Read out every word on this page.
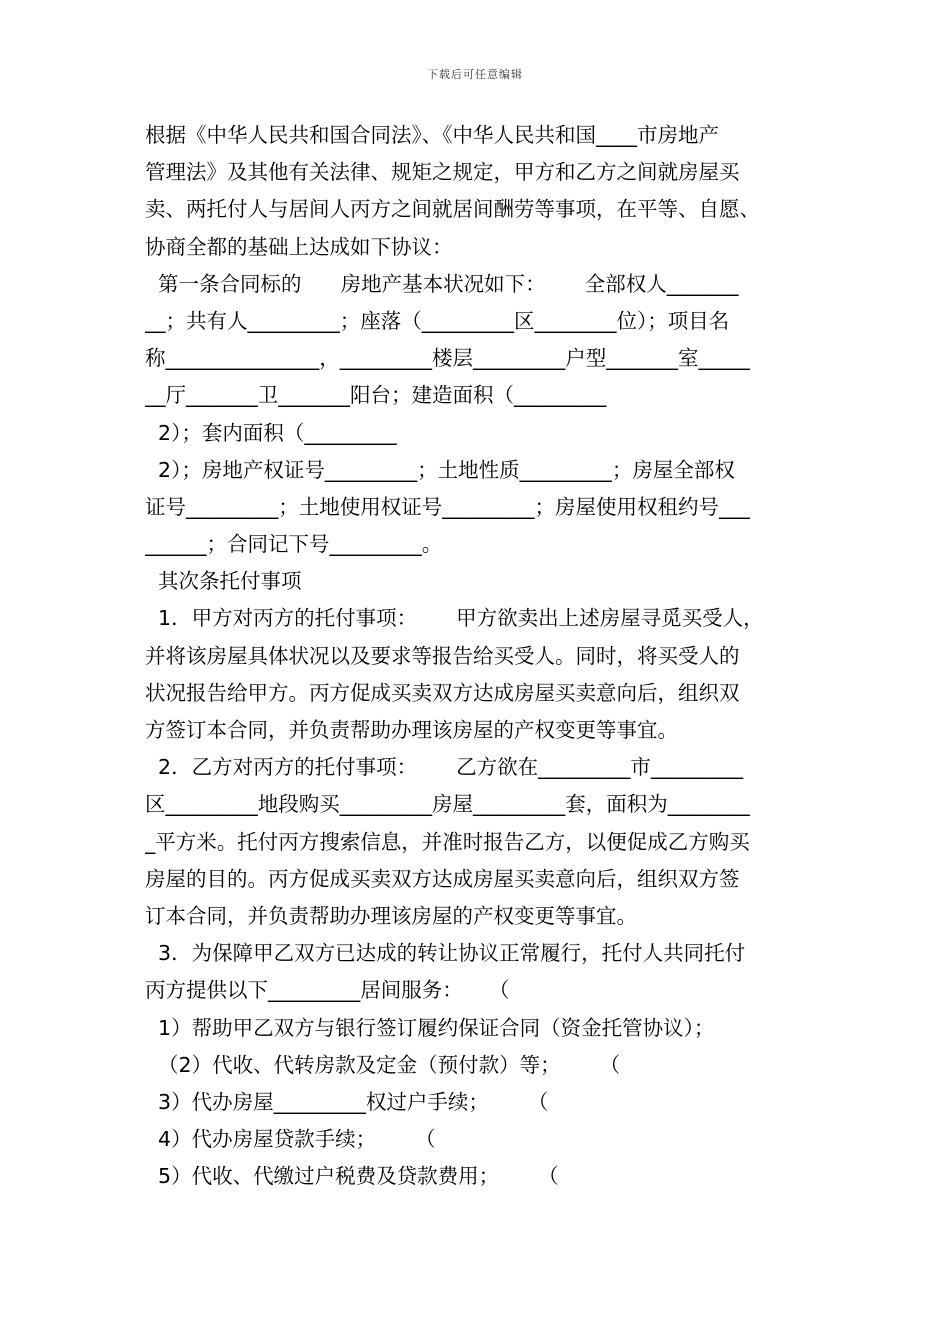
下载后可任意编辑
根据《中华人民共和国合同法》、《中华人民共和国____市房地产
管理法》及其他有关法律、规矩之规定，甲方和乙方之间就房屋买
卖、两托付人与居间人丙方之间就居间酬劳等事项，在平等、自愿、
协商全都的基础上达成如下协议：
第一条合同标的      房地产基本状况如下：      全部权人_______
__；共有人_________；座落（_________区________位）；项目名
称_______________，_________楼层_________户型_______室_____
__厅_______卫_______阳台；建造面积（_________
2）；套内面积（_________
2）；房地产权证号_________；土地性质_________；房屋全部权
证号_________；土地使用权证号_________；房屋使用权租约号___
______；合同记下号_________。
其次条托付事项
1．甲方对丙方的托付事项：      甲方欲卖出上述房屋寻觅买受人，
并将该房屋具体状况以及要求等报告给买受人。同时，将买受人的
状况报告给甲方。丙方促成买卖双方达成房屋买卖意向后，组织双
方签订本合同，并负责帮助办理该房屋的产权变更等事宜。
2．乙方对丙方的托付事项：      乙方欲在_________市_________
区_________地段购买_________房屋_________套，面积为________
_平方米。托付丙方搜索信息，并准时报告乙方，以便促成乙方购买
房屋的目的。丙方促成买卖双方达成房屋买卖意向后，组织双方签
订本合同，并负责帮助办理该房屋的产权变更等事宜。
3．为保障甲乙双方已达成的转让协议正常履行，托付人共同托付
丙方提供以下_________居间服务：    （
1）帮助甲乙双方与银行签订履约保证合同（资金托管协议）；
（2）代收、代转房款及定金（预付款）等；      （
3）代办房屋_________权过户手续；      （
4）代办房屋贷款手续；      （
5）代收、代缴过户税费及贷款费用；      （
